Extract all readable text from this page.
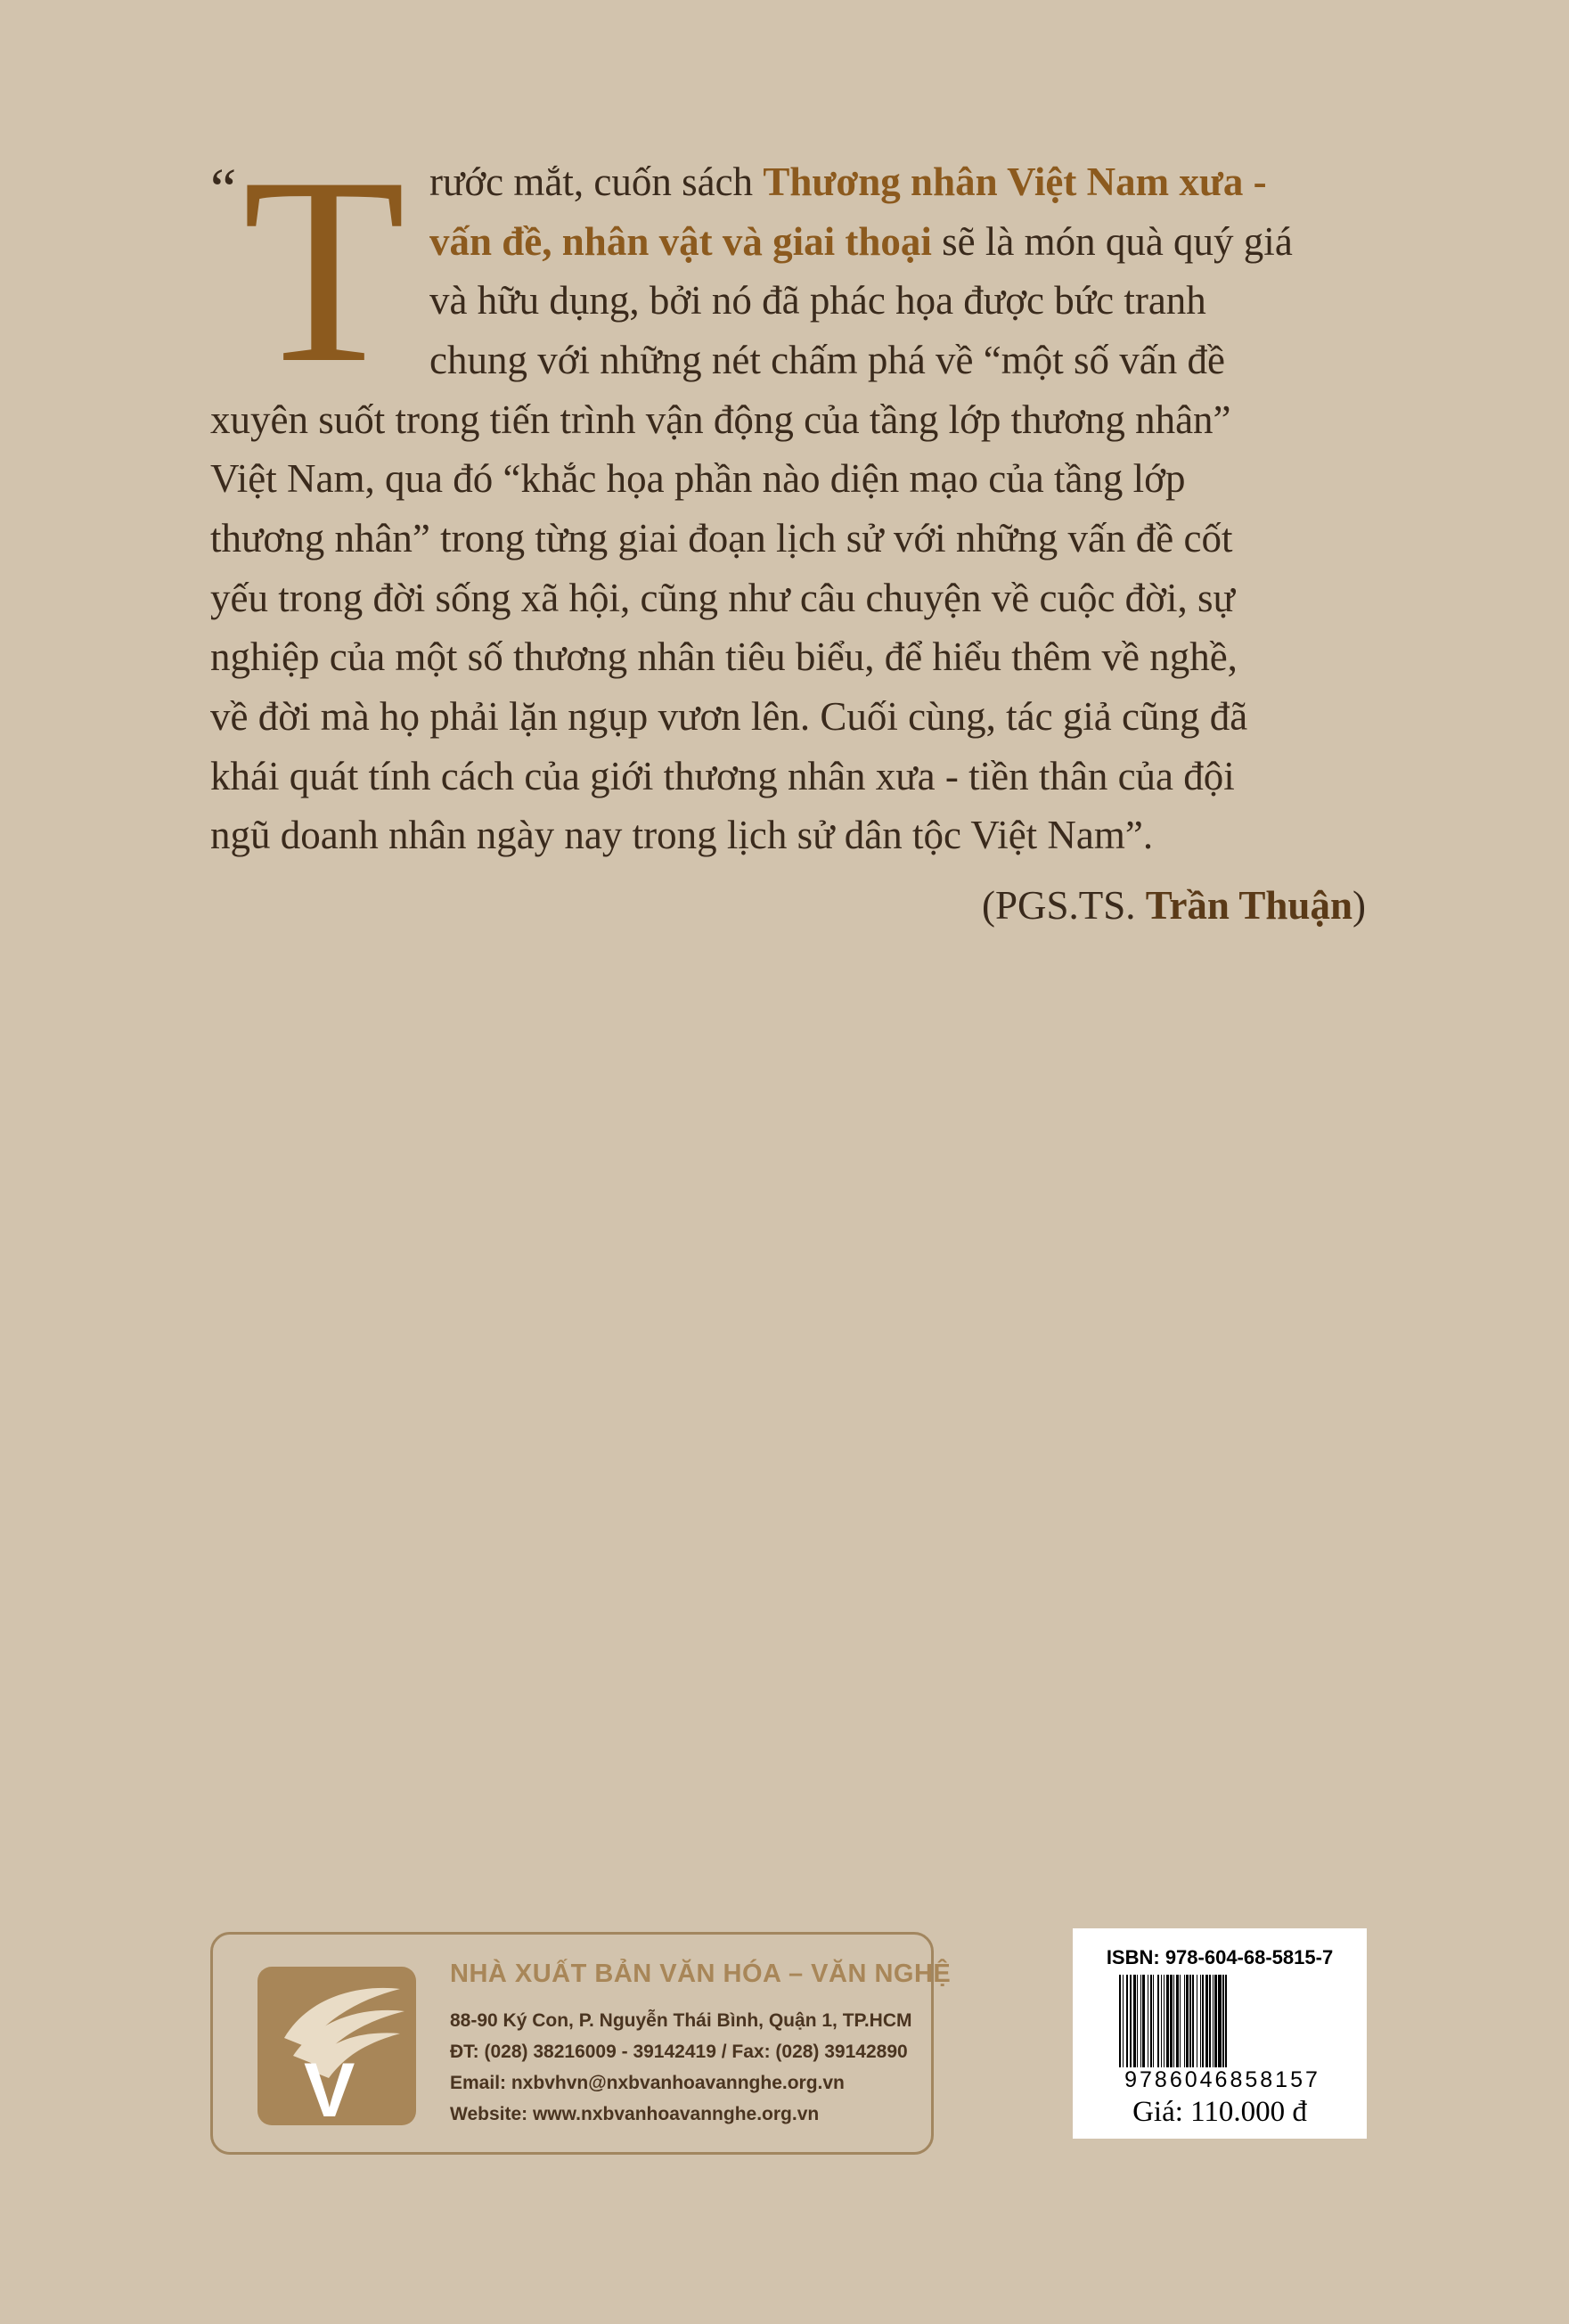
“ T rước mắt, cuốn sách Thương nhân Việt Nam xưa -
vấn đề, nhân vật và giai thoại sẽ là món quà quý giá
và hữu dụng, bởi nó đã phác họa được bức tranh
chung với những nét chấm phá về “một số vấn đề
xuyên suốt trong tiến trình vận động của tầng lớp thương nhân”
Việt Nam, qua đó “khắc họa phần nào diện mạo của tầng lớp
thương nhân” trong từng giai đoạn lịch sử với những vấn đề cốt
yếu trong đời sống xã hội, cũng như câu chuyện về cuộc đời, sự
nghiệp của một số thương nhân tiêu biểu, để hiểu thêm về nghề,
về đời mà họ phải lặn ngụp vươn lên. Cuối cùng, tác giả cũng đã
khái quát tính cách của giới thương nhân xưa - tiền thân của đội
ngũ doanh nhân ngày nay trong lịch sử dân tộc Việt Nam”.
(PGS.TS. Trần Thuận)
V
NHÀ XUẤT BẢN VĂN HÓA – VĂN NGHỆ
88-90 Ký Con, P. Nguyễn Thái Bình, Quận 1, TP.HCM
ĐT: (028) 38216009 - 39142419 / Fax: (028) 39142890
Email: nxbvhvn@nxbvanhoavannghe.org.vn
Website: www.nxbvanhoavannghe.org.vn
ISBN: 978-604-68-5815-7
9786046858157
Giá: 110.000 đ
